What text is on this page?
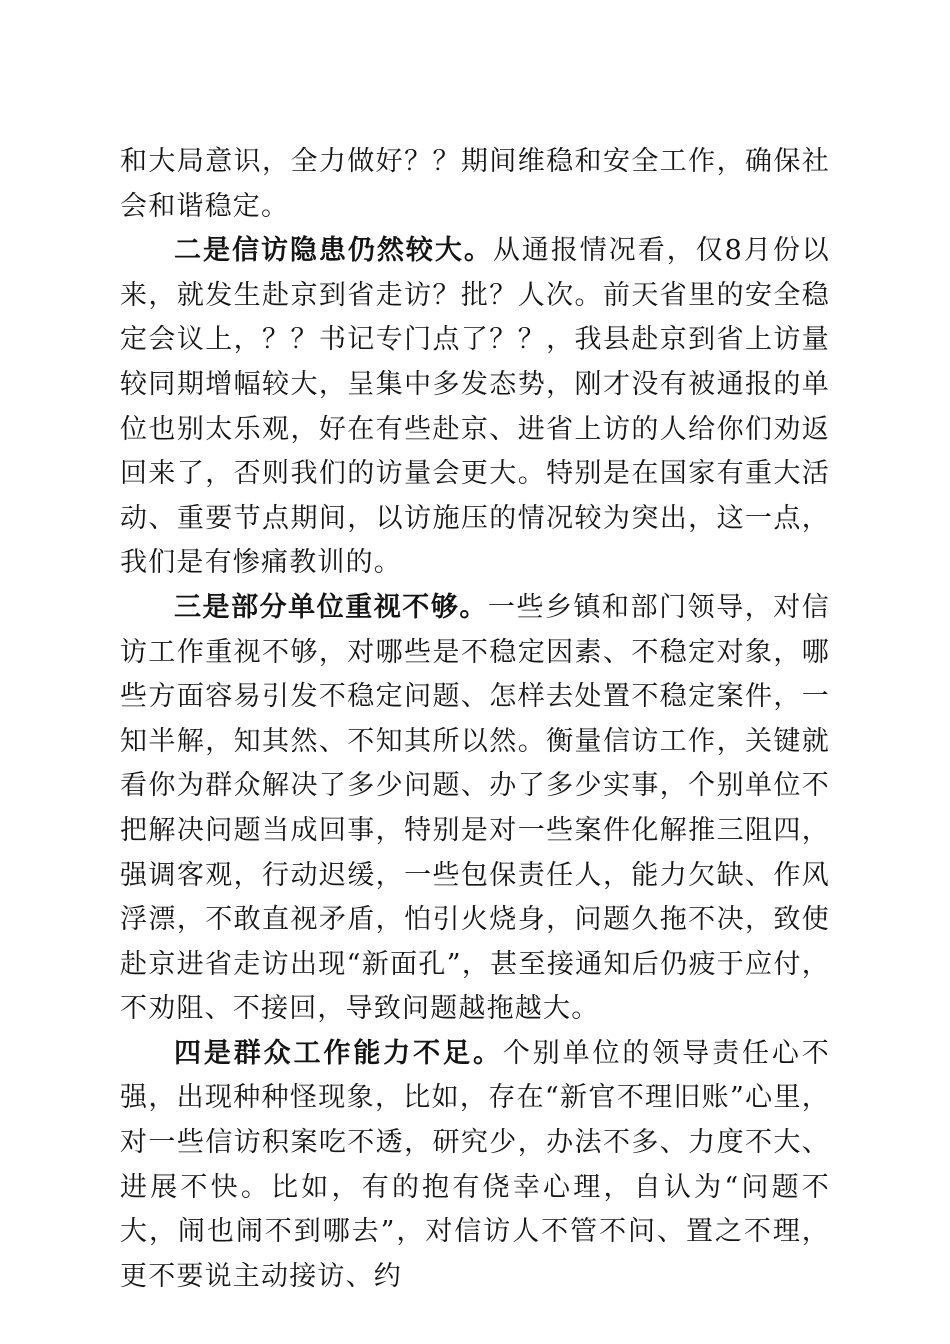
和大局意识，全力做好？？期间维稳和安全工作，确保社会和谐稳定。

二是信访隐患仍然较大。从通报情况看，仅8月份以来，就发生赴京到省走访？批？人次。前天省里的安全稳定会议上，？？书记专门点了？？，我县赴京到省上访量较同期增幅较大，呈集中多发态势，刚才没有被通报的单位也别太乐观，好在有些赴京、进省上访的人给你们劝返回来了，否则我们的访量会更大。特别是在国家有重大活动、重要节点期间，以访施压的情况较为突出，这一点，我们是有惨痛教训的。

三是部分单位重视不够。一些乡镇和部门领导，对信访工作重视不够，对哪些是不稳定因素、不稳定对象，哪些方面容易引发不稳定问题、怎样去处置不稳定案件，一知半解，知其然、不知其所以然。衡量信访工作，关键就看你为群众解决了多少问题、办了多少实事，个别单位不把解决问题当成回事，特别是对一些案件化解推三阻四，强调客观，行动迟缓，一些包保责任人，能力欠缺、作风浮漂，不敢直视矛盾，怕引火烧身，问题久拖不决，致使赴京进省走访出现“新面孔”，甚至接通知后仍疲于应付，不劝阻、不接回，导致问题越拖越大。

四是群众工作能力不足。个别单位的领导责任心不强，出现种种怪现象，比如，存在“新官不理旧账”心里，对一些信访积案吃不透，研究少，办法不多、力度不大、进展不快。比如，有的抱有侥幸心理，自认为“问题不大，闹也闹不到哪去”，对信访人不管不问、置之不理，更不要说主动接访、约
